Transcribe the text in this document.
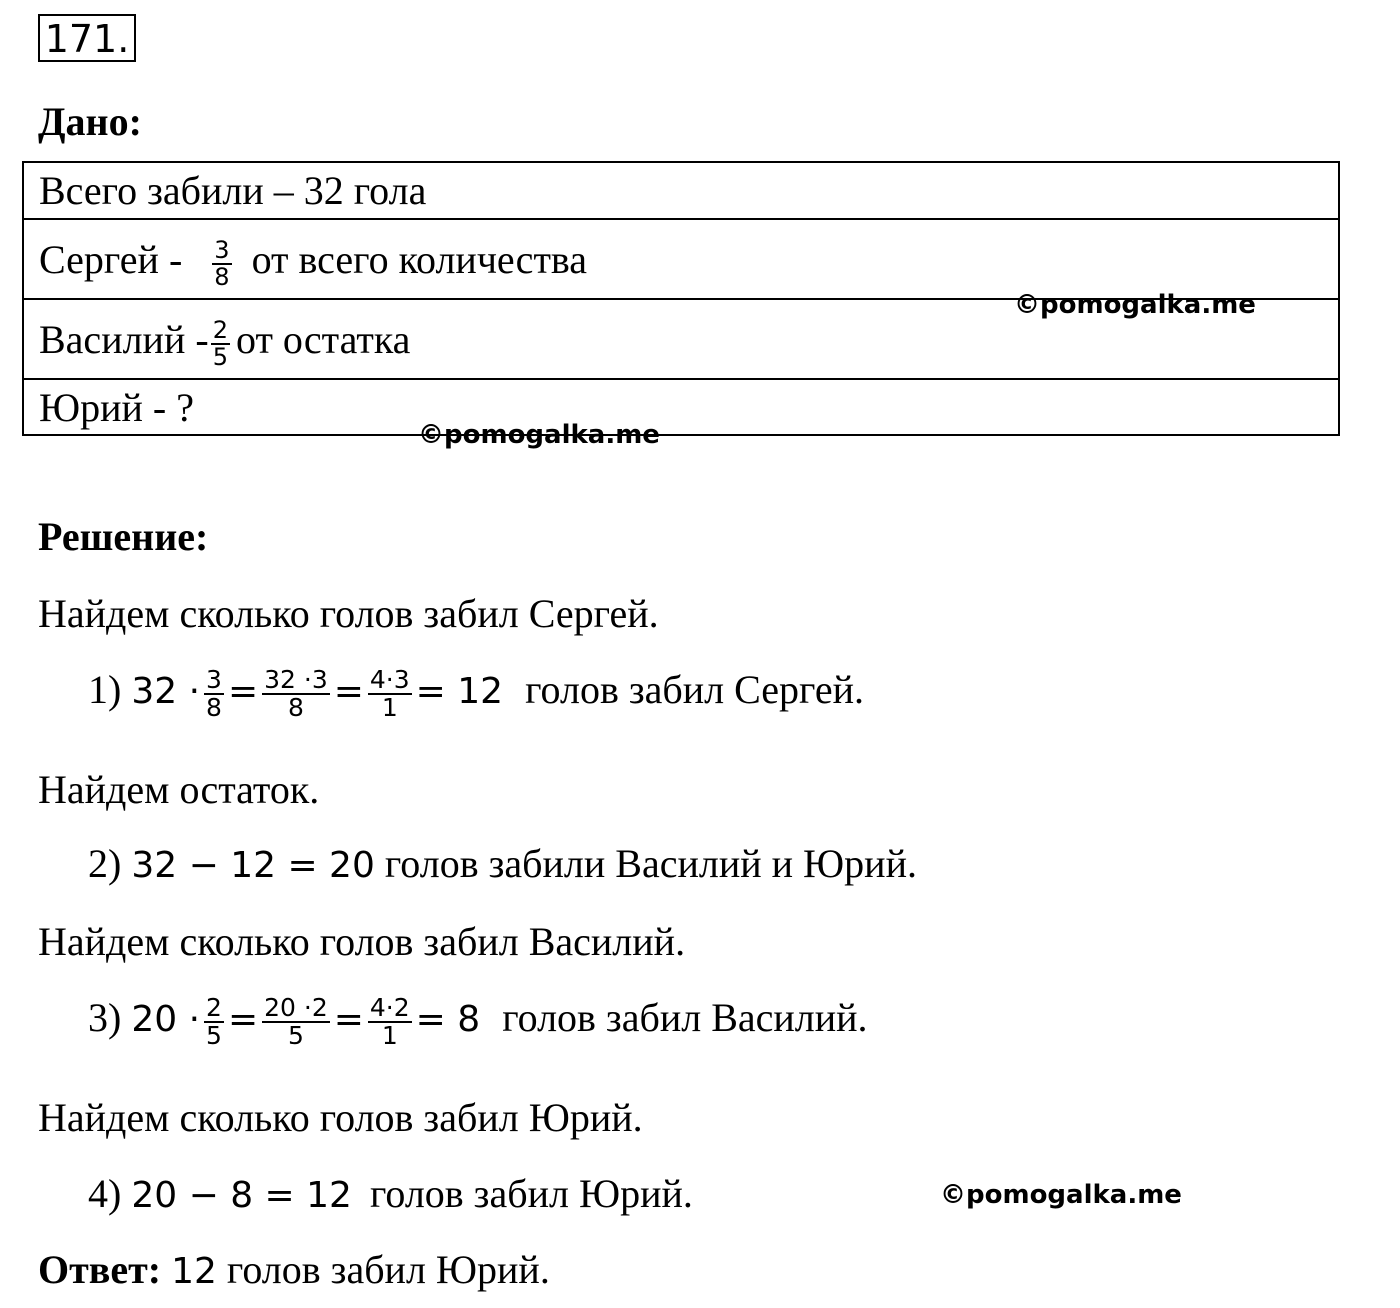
171.
Дано:
Всего забили – 32 гола
Сергей - $\frac{3}{8}$ от всего количества
Василий - $\frac{2}{5}$ от остатка
Юрий - ?
©pomogalka.me
©pomogalka.me
Решение:
Найдем сколько голов забил Сергей.
1) $32 \cdot \frac{3}{8} = \frac{32 \cdot 3}{8} = \frac{4\cdot 3}{1} = 12$ голов забил Сергей.
Найдем остаток.
2) 32 − 12 = 20 голов забили Василий и Юрий.
Найдем сколько голов забил Василий.
3) $20 \cdot \frac{2}{5} = \frac{20 \cdot 2}{5} = \frac{4\cdot 2}{1} = 8$ голов забил Василий.
Найдем сколько голов забил Юрий.
4) 20 − 8 = 12 голов забил Юрий.	©pomogalka.me
Ответ: 12 голов забил Юрий.
